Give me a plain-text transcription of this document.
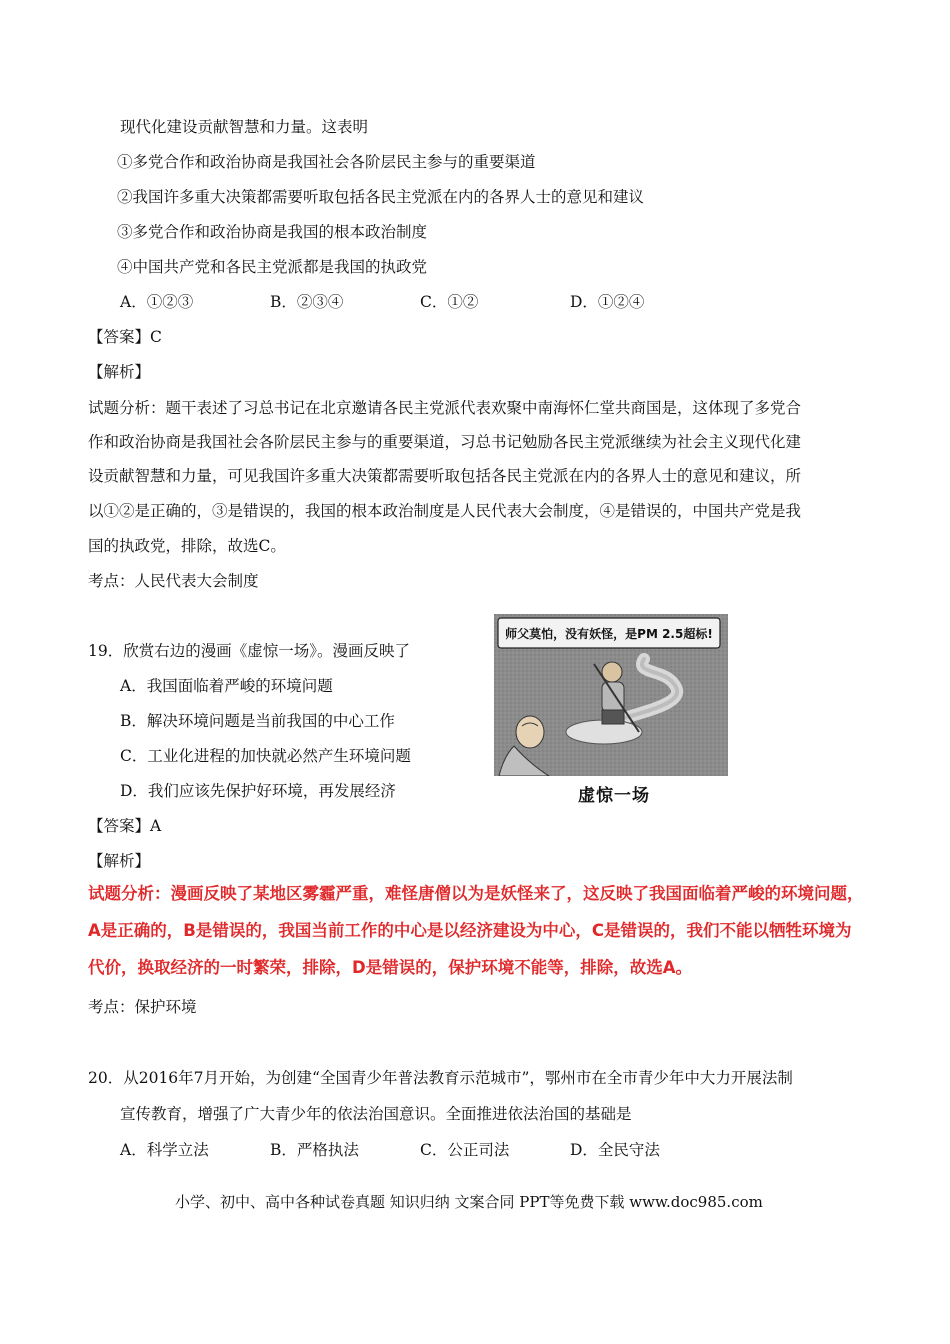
现代化建设贡献智慧和力量。这表明
①多党合作和政治协商是我国社会各阶层民主参与的重要渠道
②我国许多重大决策都需要听取包括各民主党派在内的各界人士的意见和建议
③多党合作和政治协商是我国的根本政治制度
④中国共产党和各民主党派都是我国的执政党
A．①②③	B．②③④	C．①②	D．①②④
【答案】C
【解析】
试题分析：题干表述了习总书记在北京邀请各民主党派代表欢聚中南海怀仁堂共商国是，这体现了多党合
作和政治协商是我国社会各阶层民主参与的重要渠道，习总书记勉励各民主党派继续为社会主义现代化建
设贡献智慧和力量，可见我国许多重大决策都需要听取包括各民主党派在内的各界人士的意见和建议，所
以①②是正确的，③是错误的，我国的根本政治制度是人民代表大会制度，④是错误的，中国共产党是我
国的执政党，排除，故选C。
考点：人民代表大会制度
19．欣赏右边的漫画《虚惊一场》。漫画反映了
A．我国面临着严峻的环境问题
B．解决环境问题是当前我国的中心工作
C．工业化进程的加快就必然产生环境问题
D．我们应该先保护好环境，再发展经济
师父莫怕，没有妖怪，是PM 2.5超标!
虚惊一场
【答案】A
【解析】
试题分析：漫画反映了某地区雾霾严重，难怪唐僧以为是妖怪来了，这反映了我国面临着严峻的环境问题，
A是正确的，B是错误的，我国当前工作的中心是以经济建设为中心，C是错误的，我们不能以牺牲环境为
代价，换取经济的一时繁荣，排除，D是错误的，保护环境不能等，排除，故选A。
考点：保护环境
20．从2016年7月开始，为创建“全国青少年普法教育示范城市”，鄂州市在全市青少年中大力开展法制
宣传教育，增强了广大青少年的依法治国意识。全面推进依法治国的基础是
A．科学立法	B．严格执法	C．公正司法	D．全民守法
小学、初中、高中各种试卷真题 知识归纳 文案合同 PPT等免费下载 www.doc985.com
